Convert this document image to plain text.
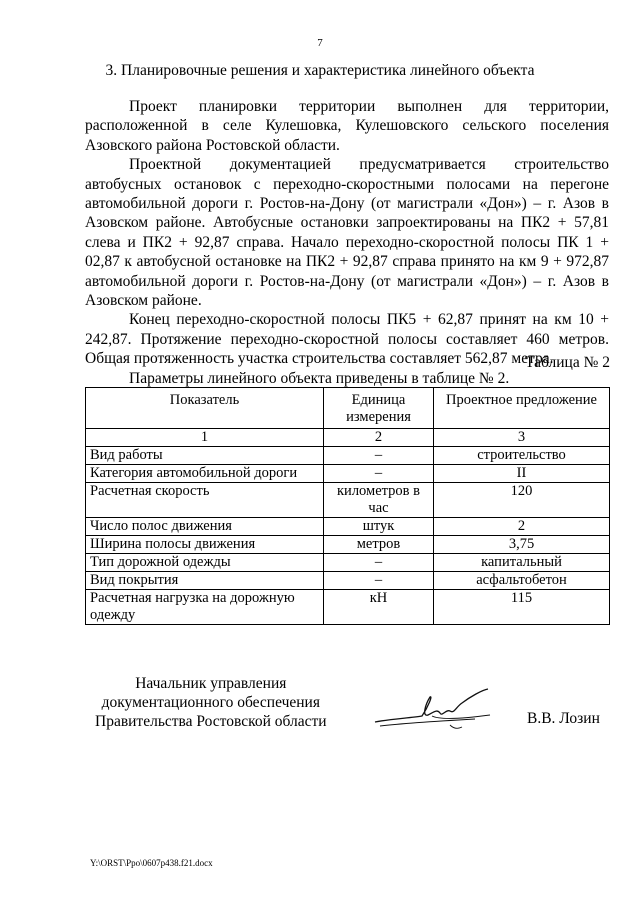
7
3. Планировочные решения и характеристика линейного объекта

Проект планировки территории выполнен для территории, расположенной в селе Кулешовка, Кулешовского сельского поселения Азовского района Ростовской области.

Проектной документацией предусматривается строительство автобусных остановок с переходно-скоростными полосами на перегоне автомобильной дороги г. Ростов-на-Дону (от магистрали «Дон») – г. Азов в Азовском районе. Автобусные остановки запроектированы на ПК2 + 57,81 слева и ПК2 + 92,87 справа. Начало переходно-скоростной полосы ПК 1 + 02,87 к автобусной остановке на ПК2 + 92,87 справа принято на км 9 + 972,87 автомобильной дороги г. Ростов-на-Дону (от магистрали «Дон») – г. Азов в Азовском районе.

Конец переходно-скоростной полосы ПК5 + 62,87 принят на км 10 + 242,87. Протяжение переходно-скоростной полосы составляет 460 метров. Общая протяженность участка строительства составляет 562,87 метра.

Параметры линейного объекта приведены в таблице № 2.

Таблица № 2
Показатель	Единица измерения	Проектное предложение
1	2	3
Вид работы	–	строительство
Категория автомобильной дороги	–	II
Расчетная скорость	километров в час	120
Число полос движения	штук	2
Ширина полосы движения	метров	3,75
Тип дорожной одежды	–	капитальный
Вид покрытия	–	асфальтобетон
Расчетная нагрузка на дорожную одежду	кН	115
Начальник управления
документационного обеспечения
Правительства Ростовской области	В.В. Лозин
Y:\ORST\Ppo\0607p438.f21.docx
